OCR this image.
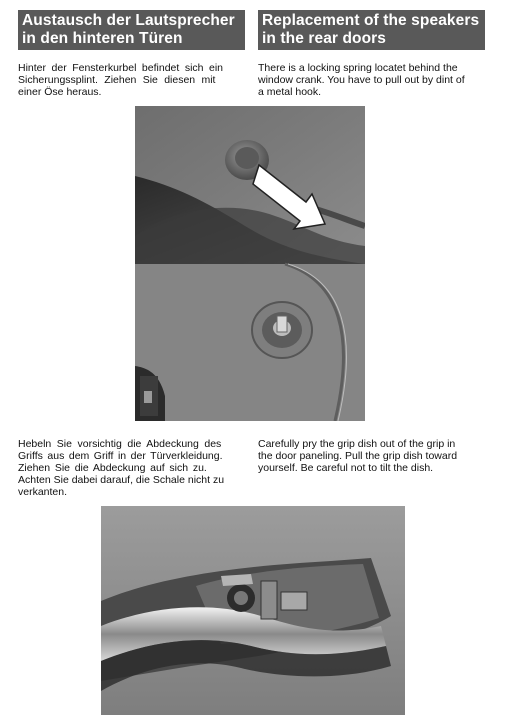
Austausch der Lautsprecher
in den hinteren Türen
Replacement of the speakers
in the rear doors
Hinter der Fensterkurbel befindet sich ein
Sicherungssplint. Ziehen Sie diesen mit
einer Öse heraus.
There is a locking spring locatet behind the
window crank. You have to pull out by dint of
a metal hook.
Hebeln Sie vorsichtig die Abdeckung des
Griffs aus dem Griff in der Türverkleidung.
Ziehen Sie die Abdeckung auf sich zu.
Achten Sie dabei darauf, die Schale nicht zu
verkanten.
Carefully pry the grip dish out of the grip in
the door paneling. Pull the grip dish toward
yourself. Be careful not to tilt the dish.
